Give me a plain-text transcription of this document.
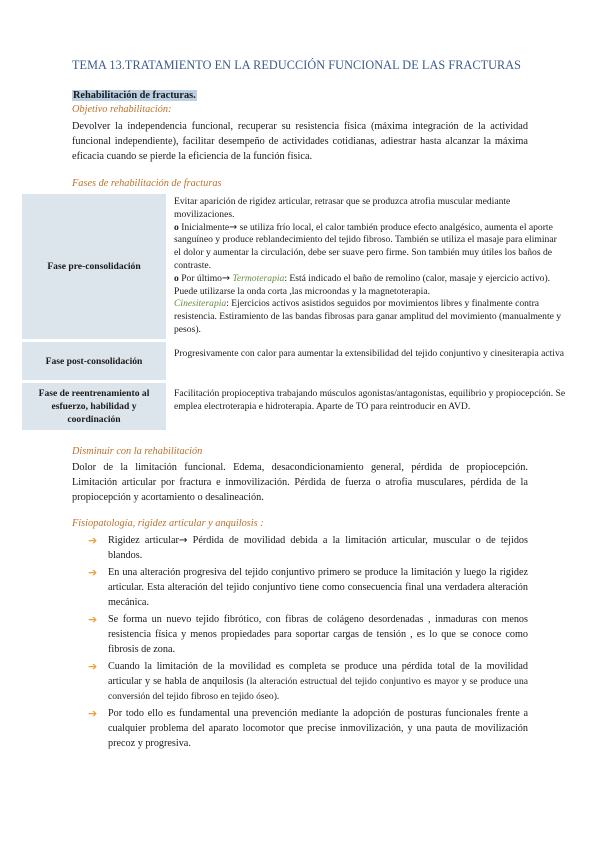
TEMA 13.TRATAMIENTO EN LA REDUCCIÓN FUNCIONAL DE LAS FRACTURAS
Rehabilitación de fracturas.
Objetivo rehabilitación:
Devolver la independencia funcional, recuperar su resistencia física (máxima integración de la actividad funcional independiente), facilitar desempeño de actividades cotidianas, adiestrar hasta alcanzar la máxima eficacia cuando se pierde la eficiencia de la función física.
Fases de rehabilitación de fracturas
Fase pre-consolidación	Evitar aparición de rigidez articular, retrasar que se produzca atrofia muscular mediante movilizaciones.
o Inicialmente→ se utiliza frío local, el calor también produce efecto analgésico, aumenta el aporte sanguíneo y produce reblandecimiento del tejido fibroso. También se utiliza el masaje para eliminar el dolor y aumentar la circulación, debe ser suave pero firme. Son también muy útiles los baños de contraste.
o Por último→ Termoterapia: Está indicado el baño de remolino (calor, masaje y ejercicio activo). Puede utilizarse la onda corta ,las microondas y la magnetoterapia.
Cinesiterapia: Ejercicios activos asistidos seguidos por movimientos libres y finalmente contra resistencia. Estiramiento de las bandas fibrosas para ganar amplitud del movimiento (manualmente y pesos).

Fase post-consolidación	Progresivamente con calor para aumentar la extensibilidad del tejido conjuntivo y cinesiterapia activa
Fase de reentrenamiento al esfuerzo, habilidad y coordinación	Facilitación propioceptiva trabajando músculos agonistas/antagonistas, equilibrio y propiocepción. Se emplea electroterapia e hidroterapia. Aparte de TO para reintroducir en AVD.
Disminuir con la rehabilitación
Dolor de la limitación funcional. Edema, desacondicionamiento general, pérdida de propiocepción. Limitación articular por fractura e inmovilización. Pérdida de fuerza o atrofia musculares, pérdida de la propiocepción y acortamiento o desalineación.
Fisiopatología, rigidez articular y anquilosis :
➔ Rigidez articular→ Pérdida de movilidad debida a la limitación articular, muscular o de tejidos blandos.
➔ En una alteración progresiva del tejido conjuntivo primero se produce la limitación y luego la rigidez articular. Esta alteración del tejido conjuntivo tiene como consecuencia final una verdadera alteración mecánica.
➔ Se forma un nuevo tejido fibrótico, con fibras de colágeno desordenadas , inmaduras con menos resistencia física y menos propiedades para soportar cargas de tensión , es lo que se conoce como fibrosis de zona.
➔ Cuando la limitación de la movilidad es completa se produce una pérdida total de la movilidad articular y se habla de anquilosis (la alteración estructual del tejido conjuntivo es mayor y se produce una conversión del tejido fibroso en tejido óseo).
➔ Por todo ello es fundamental una prevención mediante la adopción de posturas funcionales frente a cualquier problema del aparato locomotor que precise inmovilización, y una pauta de movilización precoz y progresiva.
